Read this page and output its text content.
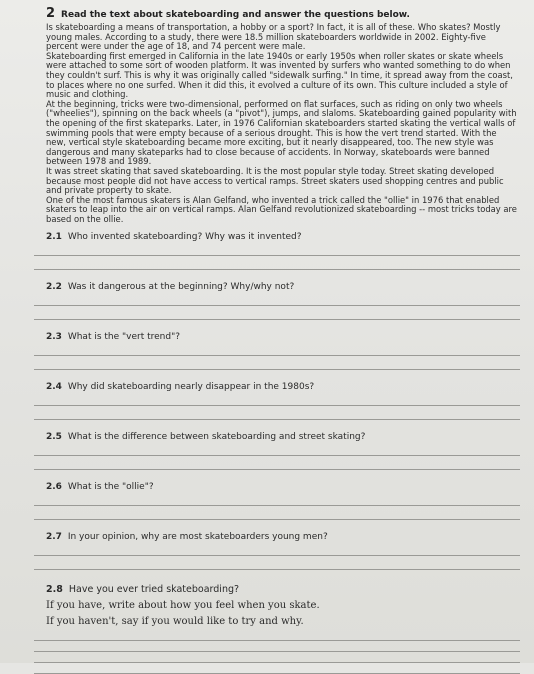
2 Read the text about skateboarding and answer the questions below.

Is skateboarding a means of transportation, a hobby or a sport? In fact, it is all of these. Who skates? Mostly young males. According to a study, there were 18.5 million skateboarders worldwide in 2002. Eighty-five percent were under the age of 18, and 74 percent were male.

Skateboarding first emerged in California in the late 1940s or early 1950s when roller skates or skate wheels were attached to some sort of wooden platform. It was invented by surfers who wanted something to do when they couldn't surf. This is why it was originally called "sidewalk surfing." In time, it spread away from the coast, to places where no one surfed. When it did this, it evolved a culture of its own. This culture included a style of music and clothing.

At the beginning, tricks were two-dimensional, performed on flat surfaces, such as riding on only two wheels ("wheelies"), spinning on the back wheels (a "pivot"), jumps, and slaloms. Skateboarding gained popularity with the opening of the first skateparks. Later, in 1976 Californian skateboarders started skating the vertical walls of swimming pools that were empty because of a serious drought. This is how the vert trend started. With the new, vertical style skateboarding became more exciting, but it nearly disappeared, too. The new style was dangerous and many skateparks had to close because of accidents. In Norway, skateboards were banned between 1978 and 1989.

It was street skating that saved skateboarding. It is the most popular style today. Street skating developed because most people did not have access to vertical ramps. Street skaters used shopping centres and public and private property to skate.

One of the most famous skaters is Alan Gelfand, who invented a trick called the "ollie" in 1976 that enabled skaters to leap into the air on vertical ramps. Alan Gelfand revolutionized skateboarding -- most tricks today are based on the ollie.

2.1 Who invented skateboarding? Why was it invented?
2.2 Was it dangerous at the beginning? Why/why not?
2.3 What is the "vert trend"?
2.4 Why did skateboarding nearly disappear in the 1980s?
2.5 What is the difference between skateboarding and street skating?
2.6 What is the "ollie"?
2.7 In your opinion, why are most skateboarders young men?
2.8 Have you ever tried skateboarding?
If you have, write about how you feel when you skate.
If you haven't, say if you would like to try and why.
